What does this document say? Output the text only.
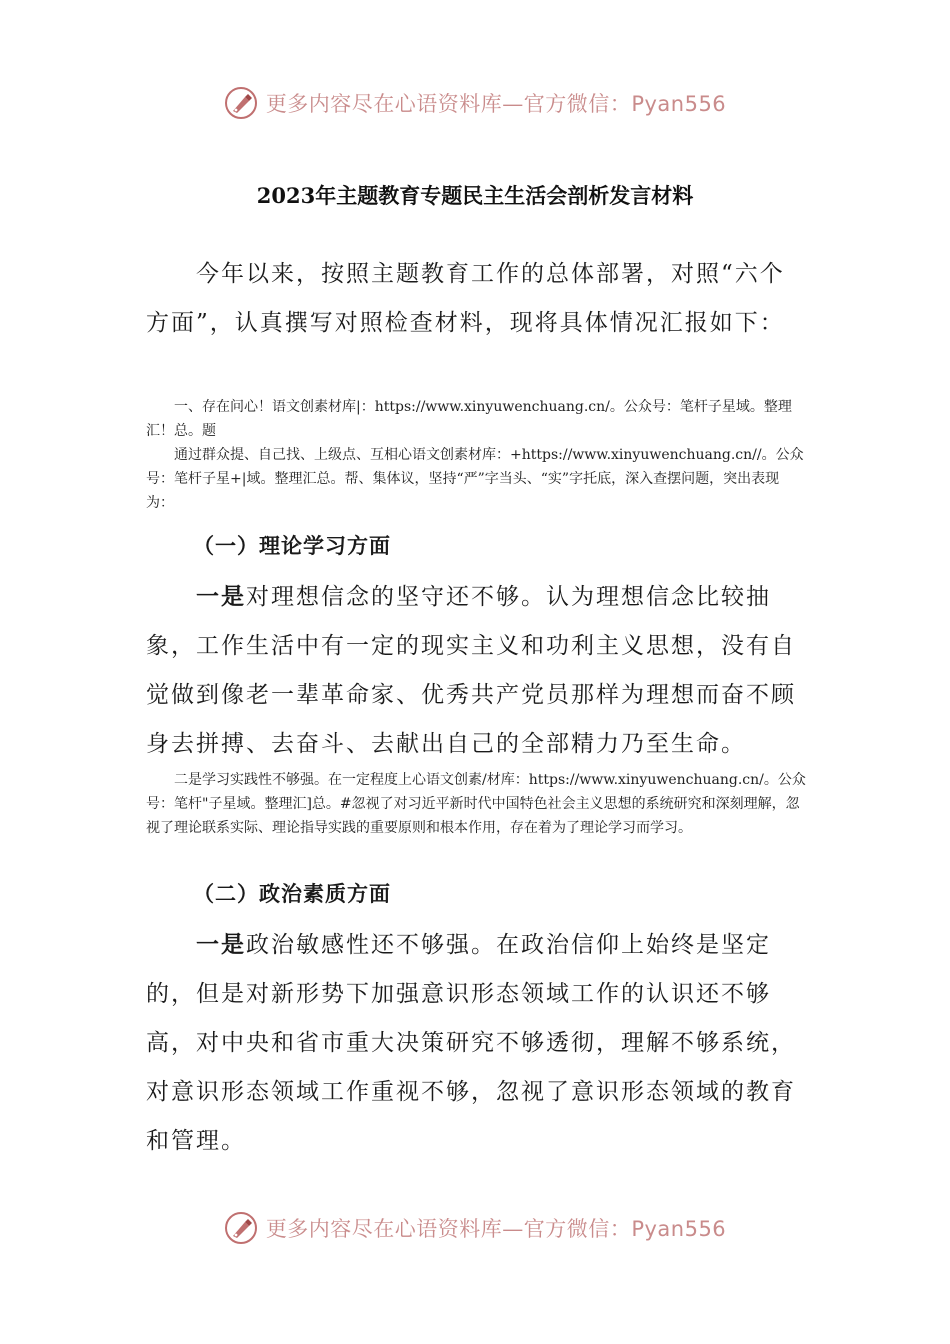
更多内容尽在心语资料库—官方微信：Pyan556
2023年主题教育专题民主生活会剖析发言材料

　　今年以来，按照主题教育工作的总体部署，对照“六个方面”，认真撰写对照检查材料，现将具体情况汇报如下：

一、存在问心！语文创素材库|：https://www.xinyuwenchuang.cn/。公众号：笔杆子星域。整理汇！总。题

通过群众提、自己找、上级点、互相心语文创素材库：+https://www.xinyuwenchuang.cn//。公众号：笔杆子星+|域。整理汇总。帮、集体议，坚持“严”字当头、“实”字托底，深入查摆问题，突出表现为：

（一）理论学习方面

一是对理想信念的坚守还不够。认为理想信念比较抽象，工作生活中有一定的现实主义和功利主义思想，没有自觉做到像老一辈革命家、优秀共产党员那样为理想而奋不顾身去拼搏、去奋斗、去献出自己的全部精力乃至生命。

二是学习实践性不够强。在一定程度上心语文创素/材库：https://www.xinyuwenchuang.cn/。公众号：笔杆"子星域。整理汇]总。#忽视了对习近平新时代中国特色社会主义思想的系统研究和深刻理解，忽视了理论联系实际、理论指导实践的重要原则和根本作用，存在着为了理论学习而学习。

（二）政治素质方面

一是政治敏感性还不够强。在政治信仰上始终是坚定的，但是对新形势下加强意识形态领域工作的认识还不够高，对中央和省市重大决策研究不够透彻，理解不够系统，对意识形态领域工作重视不够，忽视了意识形态领域的教育和管理。

更多内容尽在心语资料库—官方微信：Pyan556
